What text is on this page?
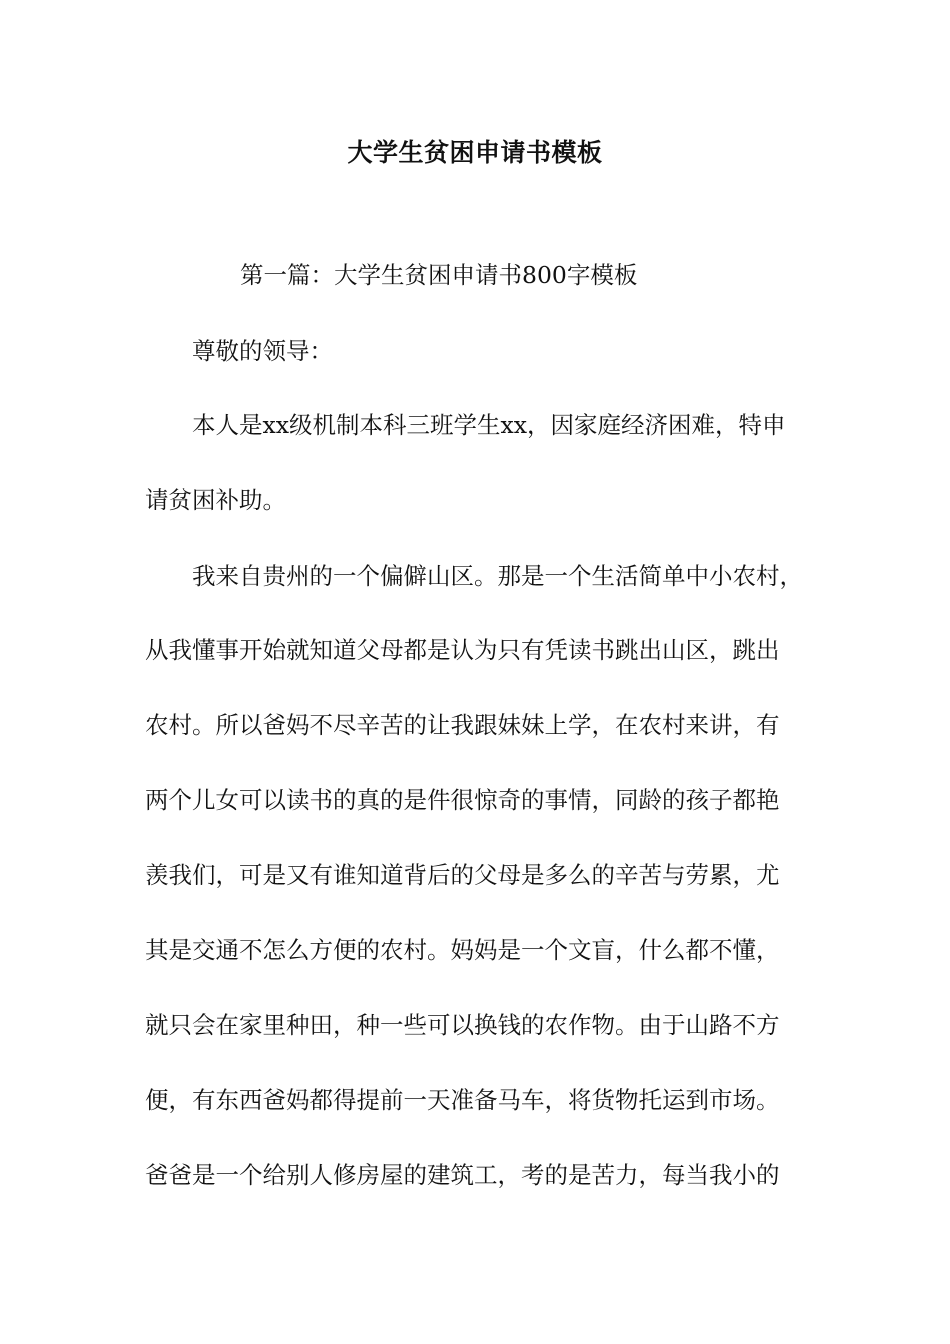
大学生贫困申请书模板
第一篇：大学生贫困申请书800字模板
尊敬的领导：
本人是xx级机制本科三班学生xx，因家庭经济困难，特申
请贫困补助。
我来自贵州的一个偏僻山区。那是一个生活简单中小农村，
从我懂事开始就知道父母都是认为只有凭读书跳出山区，跳出
农村。所以爸妈不尽辛苦的让我跟妹妹上学，在农村来讲，有
两个儿女可以读书的真的是件很惊奇的事情，同龄的孩子都艳
羡我们，可是又有谁知道背后的父母是多么的辛苦与劳累，尤
其是交通不怎么方便的农村。妈妈是一个文盲，什么都不懂，
就只会在家里种田，种一些可以换钱的农作物。由于山路不方
便，有东西爸妈都得提前一天准备马车，将货物托运到市场。
爸爸是一个给别人修房屋的建筑工，考的是苦力，每当我小的
